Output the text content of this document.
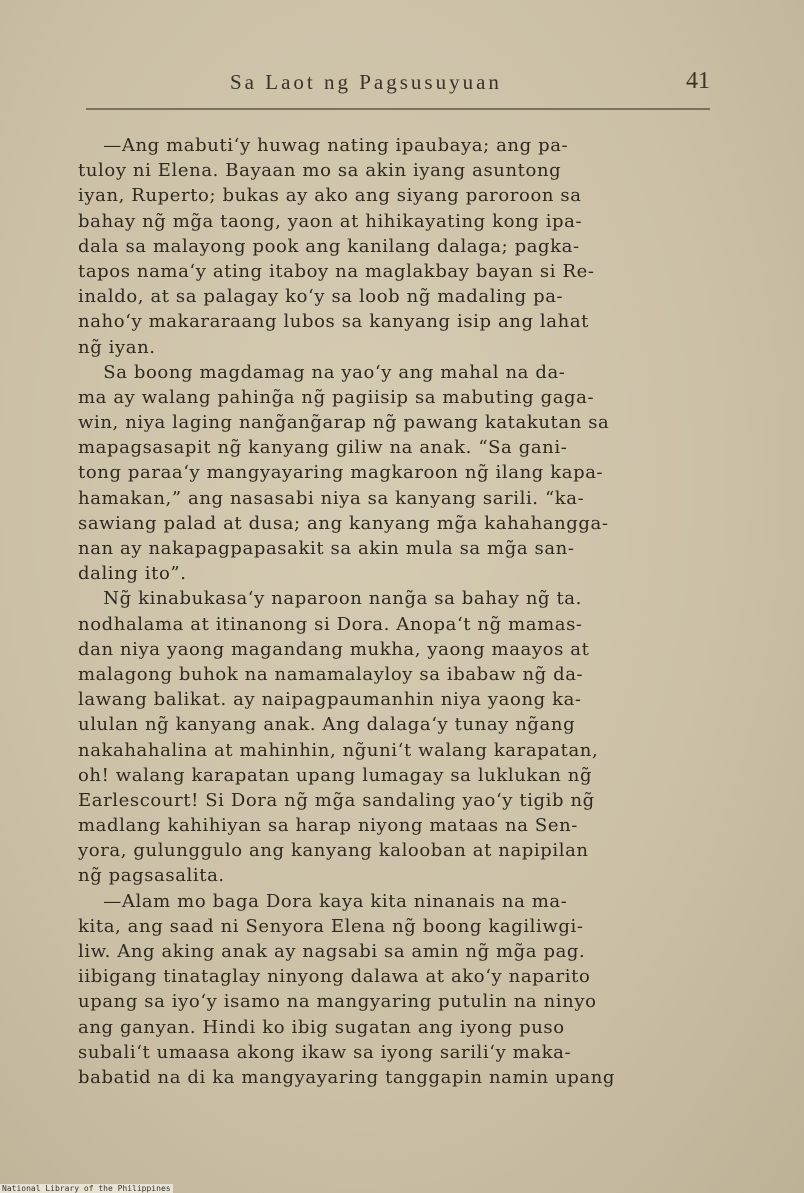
Sa Laot ng Pagsusuyuan	41
—Ang mabuti‘y huwag nating ipaubaya; ang pa-
tuloy ni Elena. Bayaan mo sa akin iyang asuntong
iyan, Ruperto; bukas ay ako ang siyang paroroon sa
bahay ng̃ mg̃a taong, yaon at hihikayating kong ipa-
dala sa malayong pook ang kanilang dalaga; pagka-
tapos nama‘y ating itaboy na maglakbay bayan si Re-
inaldo, at sa palagay ko‘y sa loob ng̃ madaling pa-
naho‘y makararaang lubos sa kanyang isip ang lahat
ng̃ iyan.
Sa boong magdamag na yao‘y ang mahal na da-
ma ay walang pahing̃a ng̃ pagiisip sa mabuting gaga-
win, niya laging nang̃ang̃arap ng̃ pawang katakutan sa
mapagsasapit ng̃ kanyang giliw na anak. “Sa gani-
tong paraa‘y mangyayaring magkaroon ng̃ ilang kapa-
hamakan,” ang nasasabi niya sa kanyang sarili. “ka-
sawiang palad at dusa; ang kanyang mg̃a kahahangga-
nan ay nakapagpapasakit sa akin mula sa mg̃a san-
daling ito”.
Ng̃ kinabukasa‘y naparoon nang̃a sa bahay ng̃ ta.
nodhalama at itinanong si Dora. Anopa‘t ng̃ mamas-
dan niya yaong magandang mukha, yaong maayos at
malagong buhok na namamalayloy sa ibabaw ng̃ da-
lawang balikat. ay naipagpaumanhin niya yaong ka-
ululan ng̃ kanyang anak. Ang dalaga‘y tunay ng̃ang
nakahahalina at mahinhin, ng̃uni‘t walang karapatan,
oh! walang karapatan upang lumagay sa luklukan ng̃
Earlescourt! Si Dora ng̃ mg̃a sandaling yao‘y tigib ng̃
madlang kahihiyan sa harap niyong mataas na Sen-
yora, gulunggulo ang kanyang kalooban at napipilan
ng̃ pagsasalita.
—Alam mo baga Dora kaya kita ninanais na ma-
kita, ang saad ni Senyora Elena ng̃ boong kagiliwgi-
liw. Ang aking anak ay nagsabi sa amin ng̃ mg̃a pag.
iibigang tinataglay ninyong dalawa at ako‘y naparito
upang sa iyo‘y isamo na mangyaring putulin na ninyo
ang ganyan. Hindi ko ibig sugatan ang iyong puso
subali‘t umaasa akong ikaw sa iyong sarili‘y maka-
babatid na di ka mangyayaring tanggapin namin upang
National Library of the Philippines
